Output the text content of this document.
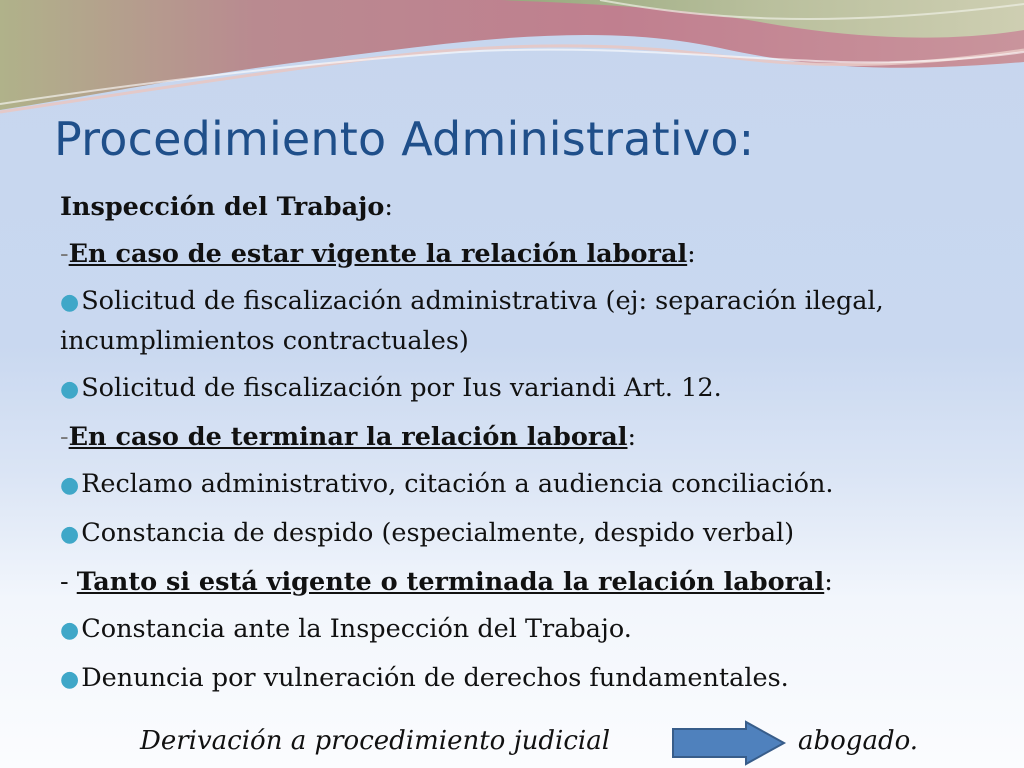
Procedimiento Administrativo:
Inspección del Trabajo:
-En caso de estar vigente la relación laboral:
●Solicitud de fiscalización administrativa (ej: separación ilegal, incumplimientos contractuales)
●Solicitud de fiscalización por Ius variandi Art. 12.
-En caso de terminar la relación laboral:
●Reclamo administrativo, citación a audiencia conciliación.
●Constancia de despido (especialmente, despido verbal)
- Tanto si está vigente o terminada la relación laboral:
●Constancia ante la Inspección del Trabajo.
●Denuncia por vulneración de derechos fundamentales.
Derivación a procedimiento judicial	abogado.
